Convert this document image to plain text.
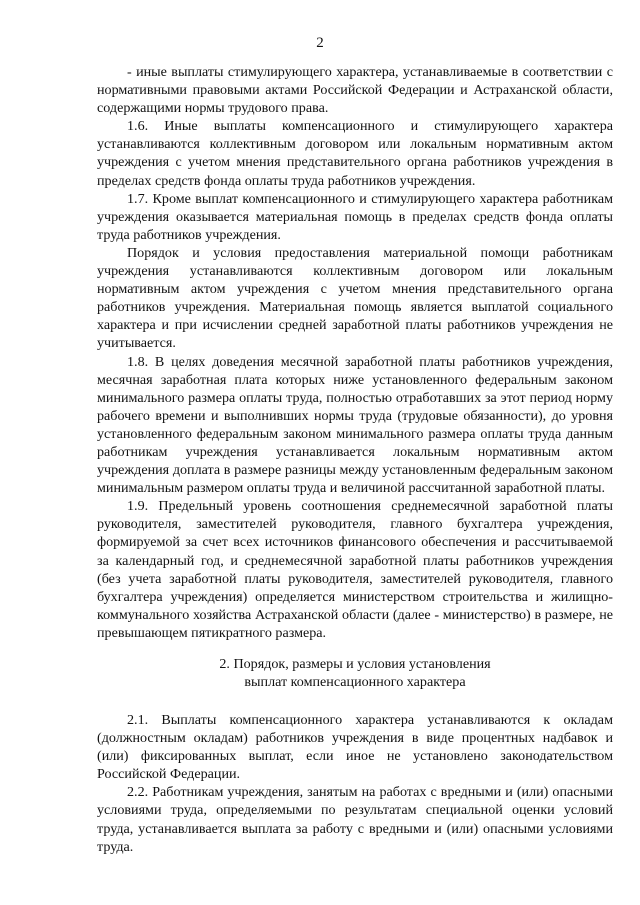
2

- иные выплаты стимулирующего характера, устанавливаемые в соответствии с нормативными правовыми актами Российской Федерации и Астраханской области, содержащими нормы трудового права.

1.6. Иные выплаты компенсационного и стимулирующего характера устанавливаются коллективным договором или локальным нормативным актом учреждения с учетом мнения представительного органа работников учреждения в пределах средств фонда оплаты труда работников учреждения.

1.7. Кроме выплат компенсационного и стимулирующего характера работникам учреждения оказывается материальная помощь в пределах средств фонда оплаты труда работников учреждения.

Порядок и условия предоставления материальной помощи работникам учреждения устанавливаются коллективным договором или локальным нормативным актом учреждения с учетом мнения представительного органа работников учреждения. Материальная помощь является выплатой социального характера и при исчислении средней заработной платы работников учреждения не учитывается.

1.8. В целях доведения месячной заработной платы работников учреждения, месячная заработная плата которых ниже установленного федеральным законом минимального размера оплаты труда, полностью отработавших за этот период норму рабочего времени и выполнивших нормы труда (трудовые обязанности), до уровня установленного федеральным законом минимального размера оплаты труда данным работникам учреждения устанавливается локальным нормативным актом учреждения доплата в размере разницы между установленным федеральным законом минимальным размером оплаты труда и величиной рассчитанной заработной платы.

1.9. Предельный уровень соотношения среднемесячной заработной платы руководителя, заместителей руководителя, главного бухгалтера учреждения, формируемой за счет всех источников финансового обеспечения и рассчитываемой за календарный год, и среднемесячной заработной платы работников учреждения (без учета заработной платы руководителя, заместителей руководителя, главного бухгалтера учреждения) определяется министерством строительства и жилищно-коммунального хозяйства Астраханской области (далее - министерство) в размере, не превышающем пятикратного размера.

2. Порядок, размеры и условия установления

выплат компенсационного характера

2.1. Выплаты компенсационного характера устанавливаются к окладам (должностным окладам) работников учреждения в виде процентных надбавок и (или) фиксированных выплат, если иное не установлено законодательством Российской Федерации.

2.2. Работникам учреждения, занятым на работах с вредными и (или) опасными условиями труда, определяемыми по результатам специальной оценки условий труда, устанавливается выплата за работу с вредными и (или) опасными условиями труда.
